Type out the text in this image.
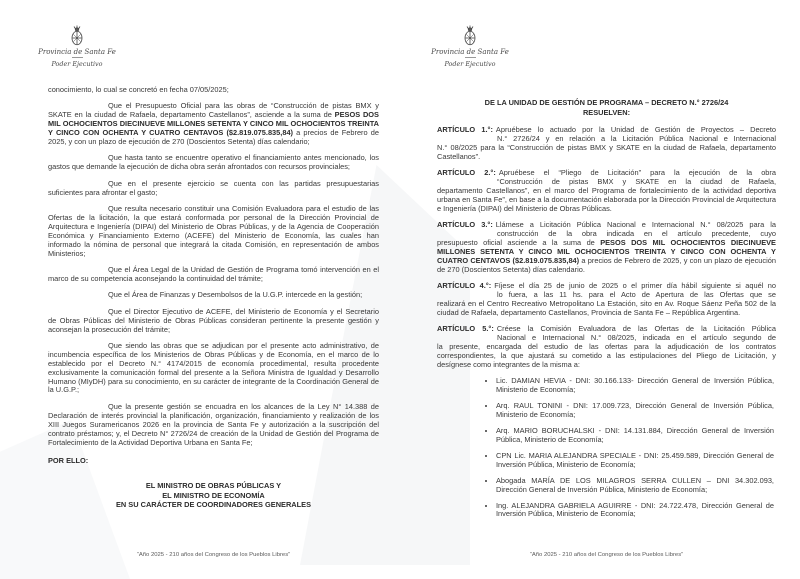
Provincia de Santa Fe
Poder Ejecutivo
Provincia de Santa Fe
Poder Ejecutivo

conocimiento, lo cual se concretó en fecha 07/05/2025;

Que el Presupuesto Oficial para las obras de “Construcción de pistas BMX y SKATE en la ciudad de Rafaela, departamento Castellanos”, asciende a la suma de PESOS DOS MIL OCHOCIENTOS DIECINUEVE MILLONES SETENTA Y CINCO MIL OCHOCIENTOS TREINTA Y CINCO CON OCHENTA Y CUATRO CENTAVOS ($2.819.075.835,84) a precios de Febrero de 2025, y con un plazo de ejecución de 270 (Doscientos Setenta) días calendario;

Que hasta tanto se encuentre operativo el financiamiento antes mencionado, los gastos que demande la ejecución de dicha obra serán afrontados con recursos provinciales;

Que en el presente ejercicio se cuenta con las partidas presupuestarias suficientes para afrontar el gasto;

Que resulta necesario constituir una Comisión Evaluadora para el estudio de las Ofertas de la licitación, la que estará conformada por personal de la Dirección Provincial de Arquitectura e Ingeniería (DIPAI) del Ministerio de Obras Públicas, y de la Agencia de Cooperación Económica y Financiamiento Externo (ACEFE) del Ministerio de Economía, las cuales han informado la nómina de personal que integrará la citada Comisión, en representación de ambos Ministerios;

Que el Área Legal de la Unidad de Gestión de Programa tomó intervención en el marco de su competencia aconsejando la continuidad del trámite;

Que el Área de Finanzas y Desembolsos de la U.G.P. intercede en la gestión;

Que el Director Ejecutivo de ACEFE, del Ministerio de Economía y el Secretario de Obras Públicas del Ministerio de Obras Públicas consideran pertinente la presente gestión y aconsejan la prosecución del trámite;

Que siendo las obras que se adjudican por el presente acto administrativo, de incumbencia específica de los Ministerios de Obras Públicas y de Economía, en el marco de lo establecido por el Decreto N.° 4174/2015 de economía procedimental, resulta procedente exclusivamente la comunicación formal del presente a la Señora Ministra de Igualdad y Desarrollo Humano (MIyDH) para su conocimiento, en su carácter de integrante de la Coordinación General de la U.G.P.;

Que la presente gestión se encuadra en los alcances de la Ley N° 14.388 de Declaración de interés provincial la planificación, organización, financiamiento y realización de los XIII Juegos Suramericanos 2026 en la provincia de Santa Fe y autorización a la suscripción del contrato préstamos; y, el Decreto N° 2726/24 de creación de la Unidad de Gestión del Programa de Fortalecimiento de la Actividad Deportiva Urbana en Santa Fe;

POR ELLO:

EL MINISTRO DE OBRAS PÚBLICAS Y
EL MINISTRO DE ECONOMÍA
EN SU CARÁCTER DE COORDINADORES GENERALES
DE LA UNIDAD DE GESTIÓN DE PROGRAMA – DECRETO N.° 2726/24
RESUELVEN:
ARTÍCULO 1.°: Apruébese lo actuado por la Unidad de Gestión de Proyectos – Decreto
N.° 2726/24 y en relación a la Licitación Pública Nacional e Internacional
N.° 08/2025 para la “Construcción de pistas BMX y SKATE en la ciudad de Rafaela, departamento Castellanos”.
ARTÍCULO 2.°: Apruébese el “Pliego de Licitación” para la ejecución de la obra
“Construcción de pistas BMX y SKATE en la ciudad de Rafaela,
departamento Castellanos”, en el marco del Programa de fortalecimiento de la actividad deportiva urbana en Santa Fe”, en base a la documentación elaborada por la Dirección Provincial de Arquitectura e Ingeniería (DIPAI) del Ministerio de Obras Públicas.
ARTÍCULO 3.°: Llámese a Licitación Pública Nacional e Internacional N.° 08/2025 para la
construcción de la obra indicada en el artículo precedente, cuyo
presupuesto oficial asciende a la suma de PESOS DOS MIL OCHOCIENTOS DIECINUEVE MILLONES SETENTA Y CINCO MIL OCHOCIENTOS TREINTA Y CINCO CON OCHENTA Y CUATRO CENTAVOS ($2.819.075.835,84) a precios de Febrero de 2025, y con un plazo de ejecución de 270 (Doscientos Setenta) días calendario.
ARTÍCULO 4.°: Fíjese el día 25 de junio de 2025 o el primer día hábil siguiente si aquél no
lo fuera, a las 11 hs. para el Acto de Apertura de las Ofertas que se
realizará en el Centro Recreativo Metropolitano La Estación, sito en Av. Roque Sáenz Peña 502 de la ciudad de Rafaela, departamento Castellanos, Provincia de Santa Fe – República Argentina.
ARTÍCULO 5.°: Créese la Comisión Evaluadora de las Ofertas de la Licitación Pública
Nacional e Internacional N.° 08/2025, indicada en el artículo segundo de
la presente, encargada del estudio de las ofertas para la adjudicación de los contratos correspondientes, la que ajustará su cometido a las estipulaciones del Pliego de Licitación, y desígnese como integrantes de la misma a:
• Lic. DAMIAN HEVIA - DNI: 30.166.133- Dirección General de Inversión Pública, Ministerio de Economía;
• Arq. RAUL TONINI - DNI: 17.009.723, Dirección General de Inversión Pública, Ministerio de Economía;
• Arq. MARIO BORUCHALSKI - DNI: 14.131.884, Dirección General de Inversión Pública, Ministerio de Economía;
• CPN Lic. MARIA ALEJANDRA SPECIALE - DNI: 25.459.589, Dirección General de Inversión Pública, Ministerio de Economía;
• Abogada MARÍA DE LOS MILAGROS SERRA CULLEN – DNI 34.302.093, Dirección General de Inversión Pública, Ministerio de Economía;
• Ing. ALEJANDRA GABRIELA AGUIRRE - DNI: 24.722.478, Dirección General de Inversión Pública, Ministerio de Economía;
“Año 2025 - 210 años del Congreso de los Pueblos Libres”	“Año 2025 - 210 años del Congreso de los Pueblos Libres”
